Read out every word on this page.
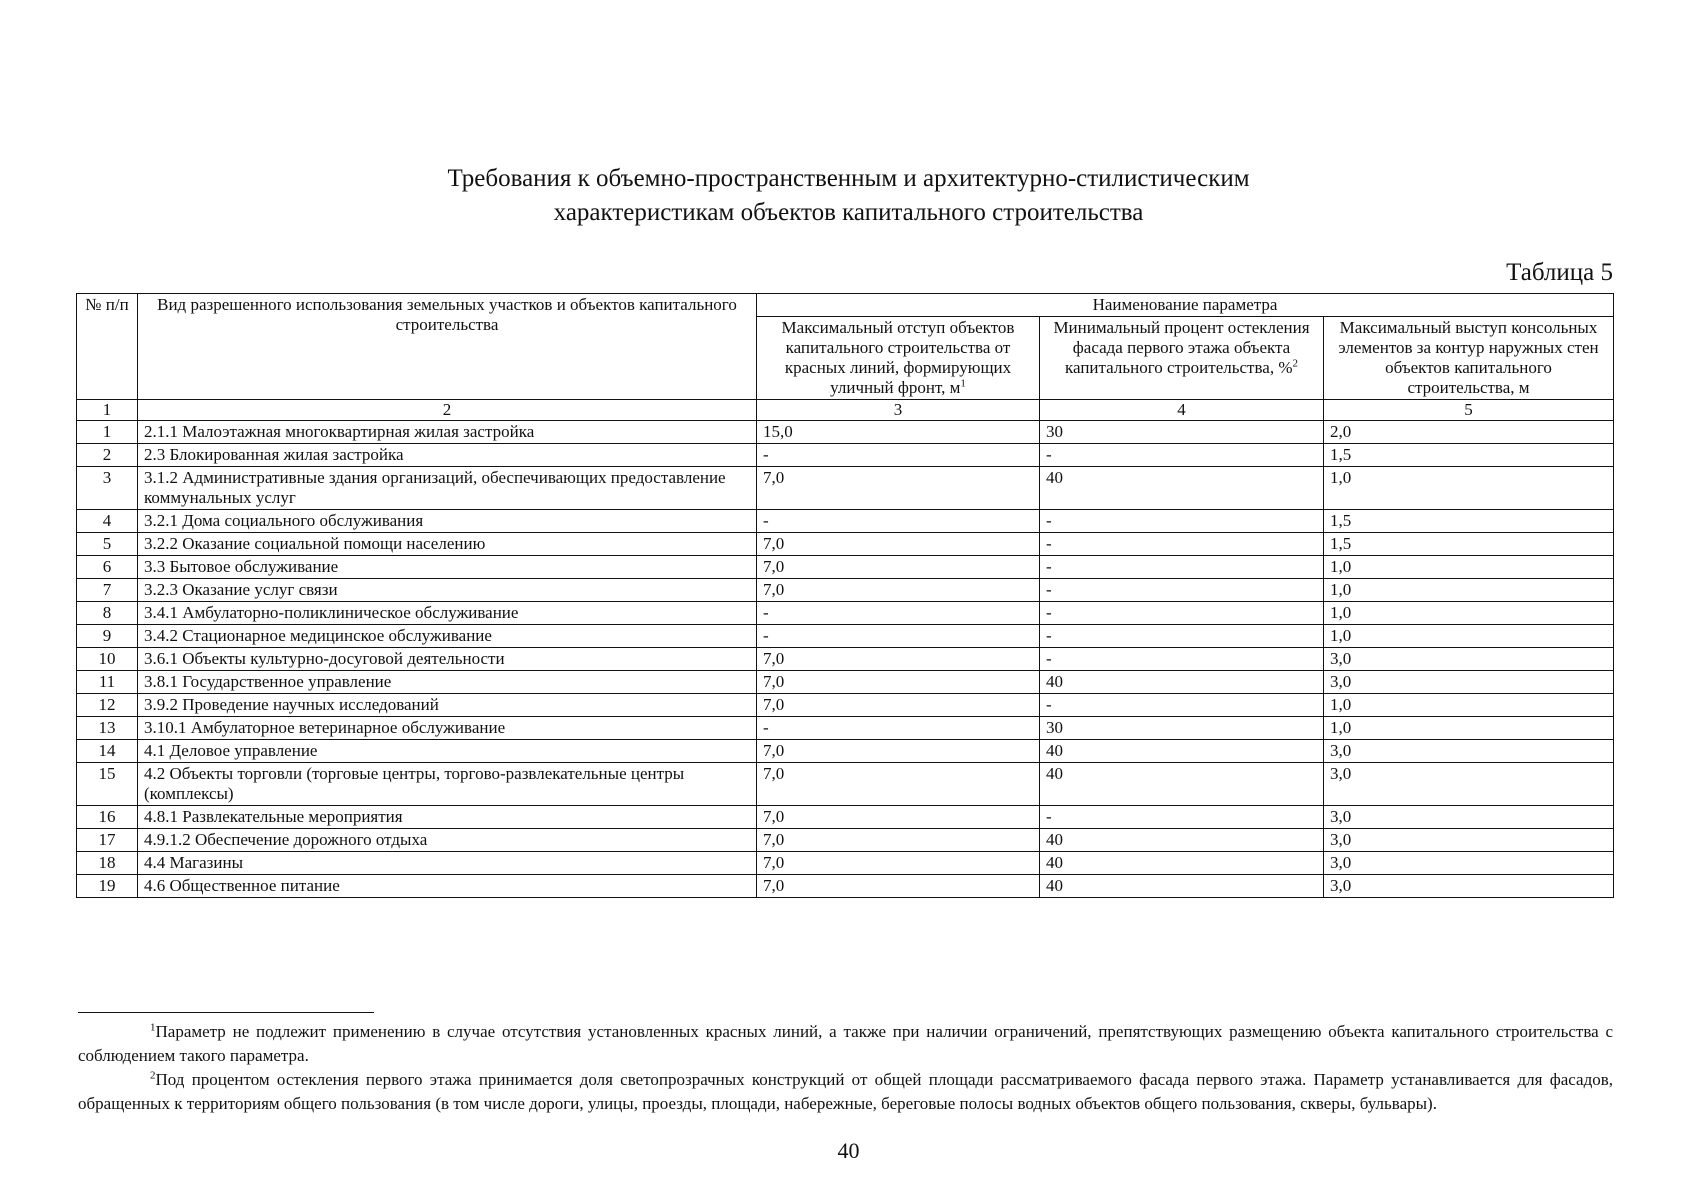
Требования к объемно-пространственным и архитектурно-стилистическим
характеристикам объектов капитального строительства
Таблица 5
№ п/п	Вид разрешенного использования земельных участков и объектов капитального строительства	Наименование параметра		
		Максимальный отступ объектов капитального строительства от красных линий, формирующих уличный фронт, $м^1$	Минимальный процент остекления фасада первого этажа объекта капитального строительства, %$^2$	Максимальный выступ консольных элементов за контур наружных стен объектов капитального строительства, м
1	2	3	4	5
1	2.1.1 Малоэтажная многоквартирная жилая застройка	15,0	30	2,0
2	2.3 Блокированная жилая застройка	-	-	1,5
3	3.1.2 Административные здания организаций, обеспечивающих предоставление коммунальных услуг	7,0	40	1,0
4	3.2.1 Дома социального обслуживания	-	-	1,5
5	3.2.2 Оказание социальной помощи населению	7,0	-	1,5
6	3.3 Бытовое обслуживание	7,0	-	1,0
7	3.2.3 Оказание услуг связи	7,0	-	1,0
8	3.4.1 Амбулаторно-поликлиническое обслуживание	-	-	1,0
9	3.4.2 Стационарное медицинское обслуживание	-	-	1,0
10	3.6.1 Объекты культурно-досуговой деятельности	7,0	-	3,0
11	3.8.1 Государственное управление	7,0	40	3,0
12	3.9.2 Проведение научных исследований	7,0	-	1,0
13	3.10.1 Амбулаторное ветеринарное обслуживание	-	30	1,0
14	4.1 Деловое управление	7,0	40	3,0
15	4.2 Объекты торговли (торговые центры, торгово-развлекательные центры (комплексы)	7,0	40	3,0
16	4.8.1 Развлекательные мероприятия	7,0	-	3,0
17	4.9.1.2 Обеспечение дорожного отдыха	7,0	40	3,0
18	4.4 Магазины	7,0	40	3,0
19	4.6 Общественное питание	7,0	40	3,0

$^1$Параметр не подлежит применению в случае отсутствия установленных красных линий, а также при наличии ограничений, препятствующих размещению объекта капитального строительства с соблюдением такого параметра.

$^2$Под процентом остекления первого этажа принимается доля светопрозрачных конструкций от общей площади рассматриваемого фасада первого этажа. Параметр устанавливается для фасадов, обращенных к территориям общего пользования (в том числе дороги, улицы, проезды, площади, набережные, береговые полосы водных объектов общего пользования, скверы, бульвары).

40
